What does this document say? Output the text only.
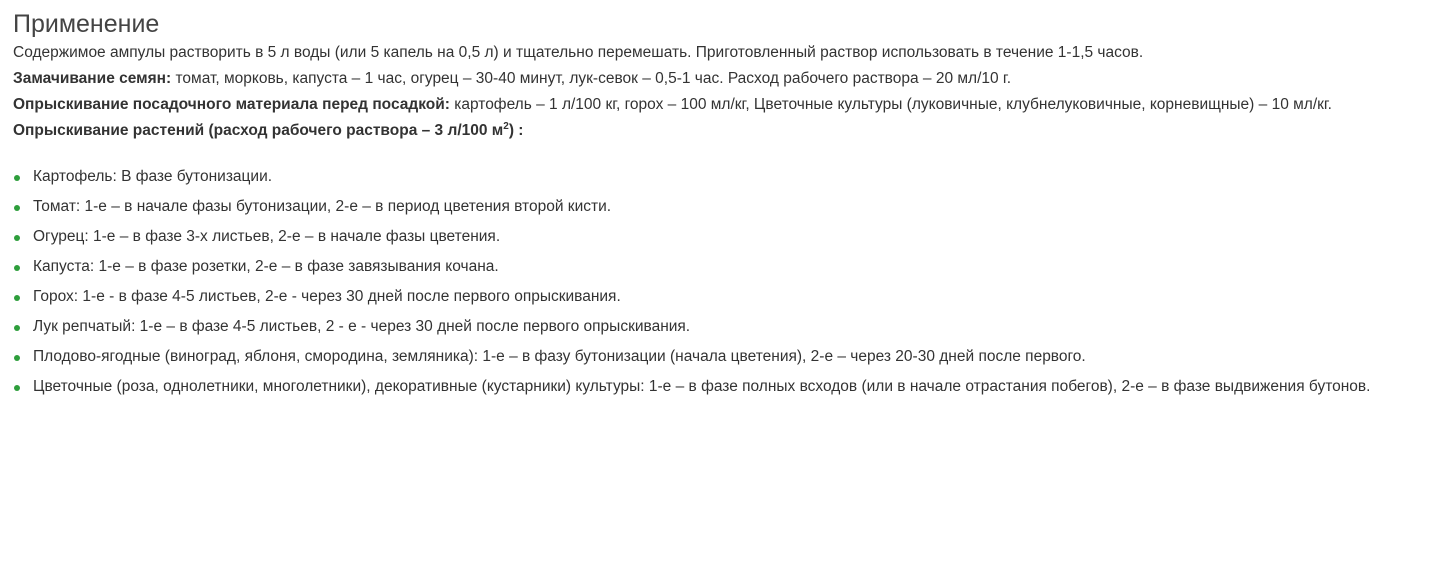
Применение

Содержимое ампулы растворить в 5 л воды (или 5 капель на 0,5 л) и тщательно перемешать. Приготовленный раствор использовать в течение 1-1,5 часов.

Замачивание семян: томат, морковь, капуста – 1 час, огурец – 30-40 минут, лук-севок – 0,5-1 час. Расход рабочего раствора – 20 мл/10 г.

Опрыскивание посадочного материала перед посадкой: картофель – 1 л/100 кг, горох – 100 мл/кг, Цветочные культуры (луковичные, клубнелуковичные, корневищные) – 10 мл/кг.

Опрыскивание растений (расход рабочего раствора – 3 л/100 $м^2$) :

Картофель: В фазе бутонизации.
Томат: 1-е – в начале фазы бутонизации, 2-е – в период цветения второй кисти.
Огурец: 1-е – в фазе 3-х листьев, 2-е – в начале фазы цветения.
Капуста: 1-е – в фазе розетки, 2-е – в фазе завязывания кочана.
Горох: 1-е - в фазе 4-5 листьев, 2-е - через 30 дней после первого опрыскивания.
Лук репчатый: 1-е – в фазе 4-5 листьев, 2 - е - через 30 дней после первого опрыскивания.
Плодово-ягодные (виноград, яблоня, смородина, земляника): 1-е – в фазу бутонизации (начала цветения), 2-е – через 20-30 дней после первого.
Цветочные (роза, однолетники, многолетники), декоративные (кустарники) культуры: 1-е – в фазе полных всходов (или в начале отрастания побегов), 2-е – в фазе выдвижения бутонов.
